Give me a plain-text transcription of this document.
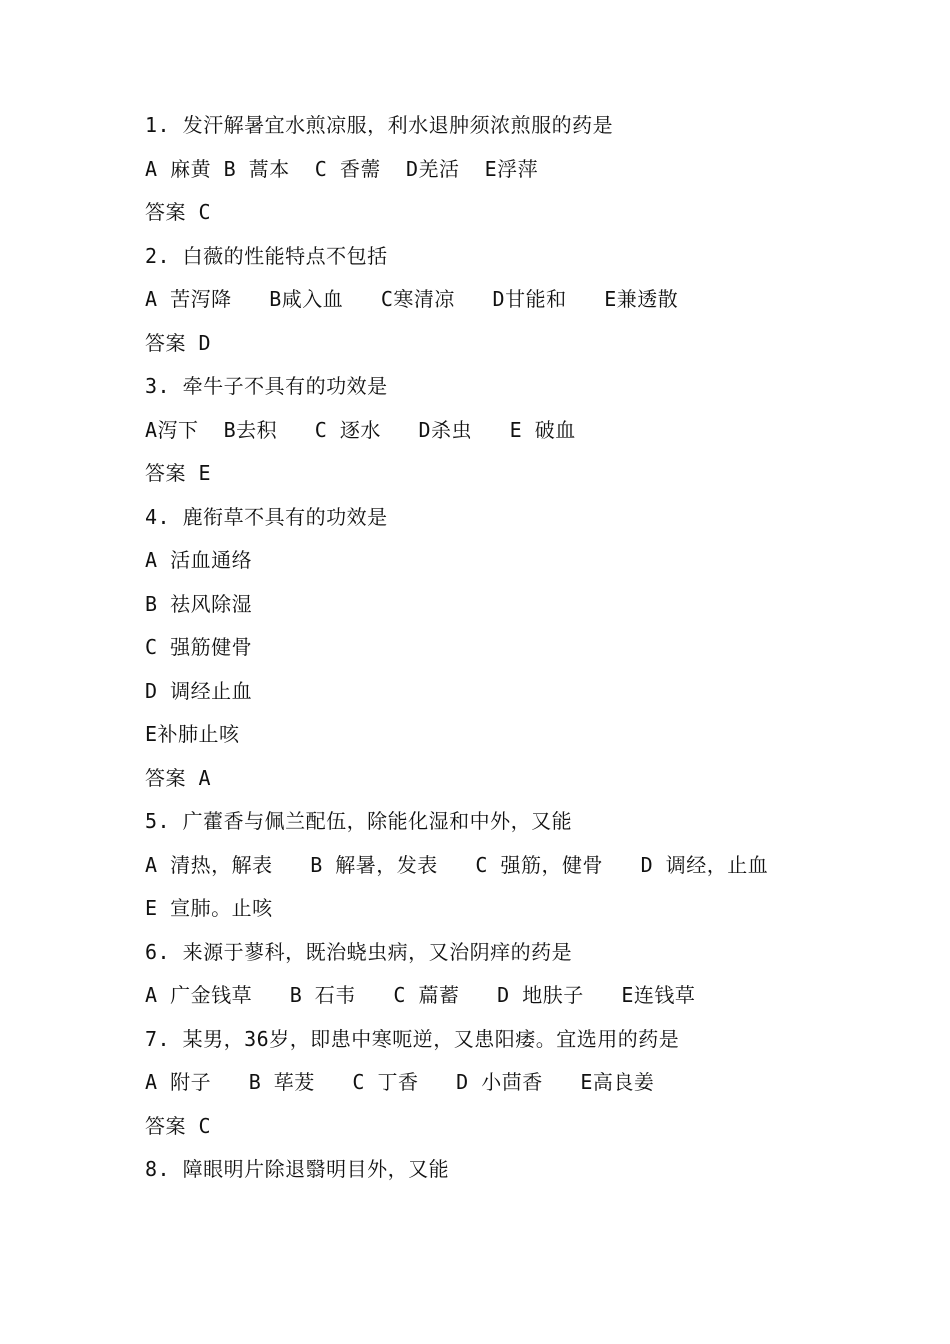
1. 发汗解暑宜水煎凉服，利水退肿须浓煎服的药是
A 麻黄 B 蒿本  C 香薷  D羌活  E浮萍
答案 C
2. 白薇的性能特点不包括
A 苦泻降   B咸入血   C寒清凉   D甘能和   E兼透散
答案 D
3. 牵牛子不具有的功效是
A泻下  B去积   C 逐水   D杀虫   E 破血
答案 E
4. 鹿衔草不具有的功效是
A 活血通络
B 祛风除湿
C 强筋健骨
D 调经止血
E补肺止咳
答案 A
5. 广藿香与佩兰配伍，除能化湿和中外，又能
A 清热，解表   B 解暑，发表   C 强筋，健骨   D 调经，止血
E 宣肺。止咳
6. 来源于蓼科，既治蛲虫病，又治阴痒的药是
A 广金钱草   B 石韦   C 萹蓄   D 地肤子   E连钱草
7. 某男，36岁，即患中寒呃逆，又患阳痿。宜选用的药是
A 附子   B 荜茇   C 丁香   D 小茴香   E高良姜
答案 C
8. 障眼明片除退翳明目外，又能
